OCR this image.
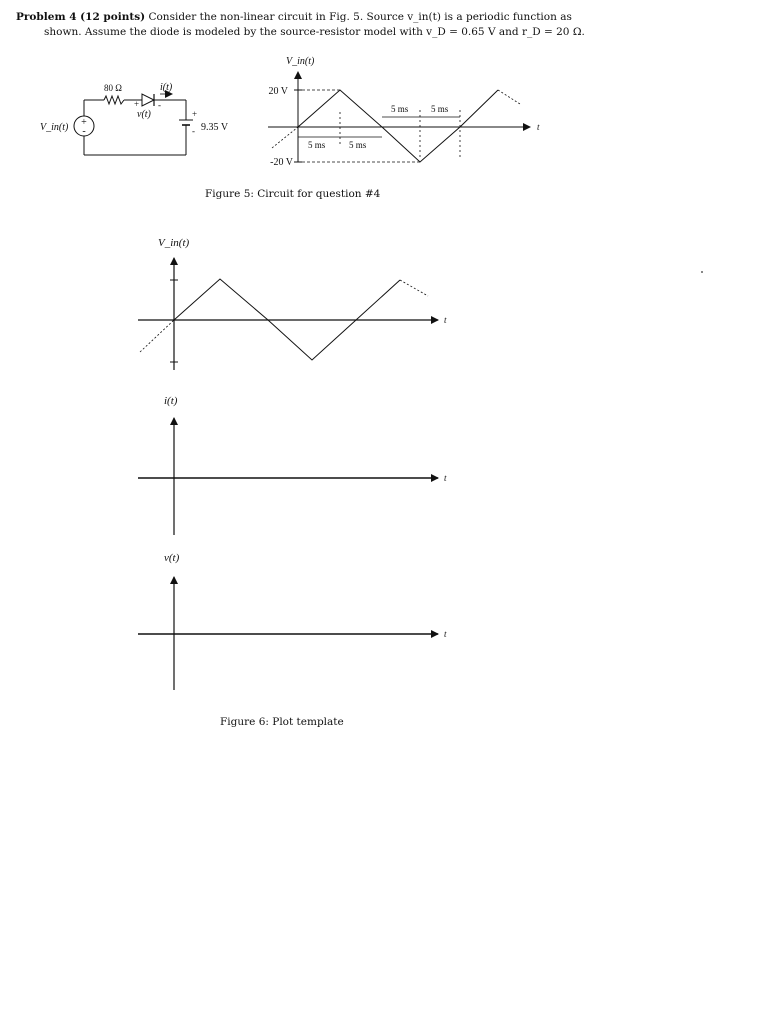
Problem 4 (12 points) Consider the non-linear circuit in Fig. 5. Source v_in(t) is a periodic function as
shown. Assume the diode is modeled by the source-resistor model with v_D = 0.65 V and r_D = 20 Ω.
+
-
V_in(t)
80 Ω	i(t)
+ -
v(t)	+
- 9.35 V
20 V
-20 V
V_in(t)
t
5 ms	5 ms
5 ms	5 ms
V_in(t)
t
i(t)
t
v(t)
t
Figure 5: Circuit for question #4
Figure 6: Plot template
